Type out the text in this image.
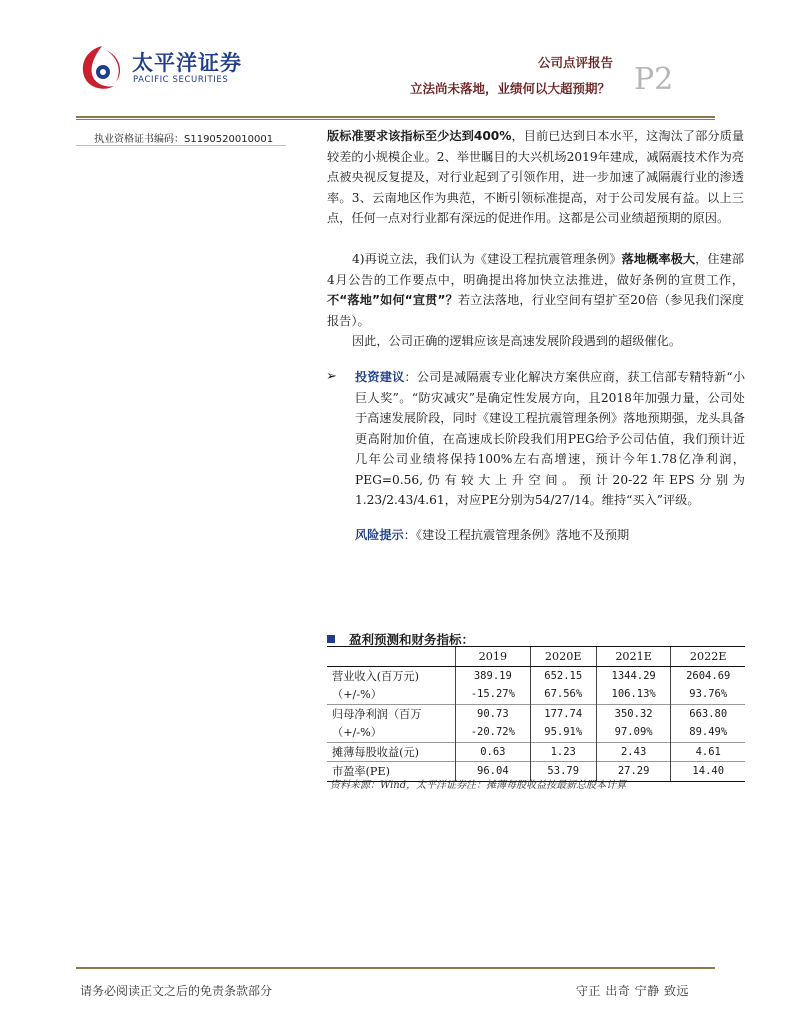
太平洋证券
PACIFIC SECURITIES
公司点评报告
立法尚未落地，业绩何以大超预期？ P2
执业资格证书编码：S1190520010001	版标准要求该指标至少达到400%，目前已达到日本水平，这淘汰了部分质量较差的小规模企业。2、举世瞩目的大兴机场2019年建成，减隔震技术作为亮点被央视反复提及，对行业起到了引领作用，进一步加速了减隔震行业的渗透率。3、云南地区作为典范，不断引领标准提高，对于公司发展有益。以上三点，任何一点对行业都有深远的促进作用。这都是公司业绩超预期的原因。

4)再说立法，我们认为《建设工程抗震管理条例》落地概率极大，住建部4月公告的工作要点中，明确提出将加快立法推进，做好条例的宣贯工作，不“落地”如何“宣贯”？若立法落地，行业空间有望扩至20倍（参见我们深度报告）。

因此，公司正确的逻辑应该是高速发展阶段遇到的超级催化。

➢ 投资建议：公司是减隔震专业化解决方案供应商，获工信部专精特新“小巨人奖”。“防灾减灾”是确定性发展方向，且2018年加强力量，公司处于高速发展阶段，同时《建设工程抗震管理条例》落地预期强，龙头具备更高附加价值，在高速成长阶段我们用PEG给予公司估值，我们预计近几年公司业绩将保持100%左右高增速，预计今年1.78亿净利润，PEG=0.56,仍有较大上升空间。预计20-22年EPS分别为1.23/2.43/4.61，对应PE分别为54/27/14。维持“买入”评级。

风险提示：《建设工程抗震管理条例》落地不及预期

盈利预测和财务指标：
	2019	2020E	2021E	2022E
营业收入(百万元)	389.19	652.15	1344.29	2604.69
（+/-%）	-15.27%	67.56%	106.13%	93.76%
归母净利润（百万	90.73	177.74	350.32	663.80
（+/-%）	-20.72%	95.91%	97.09%	89.49%
摊薄每股收益(元)	0.63	1.23	2.43	4.61
市盈率(PE)	96.04	53.79	27.29	14.40
资料来源：Wind，太平洋证券注：摊薄每股收益按最新总股本计算
请务必阅读正文之后的免责条款部分	守正 出奇 宁静 致远
